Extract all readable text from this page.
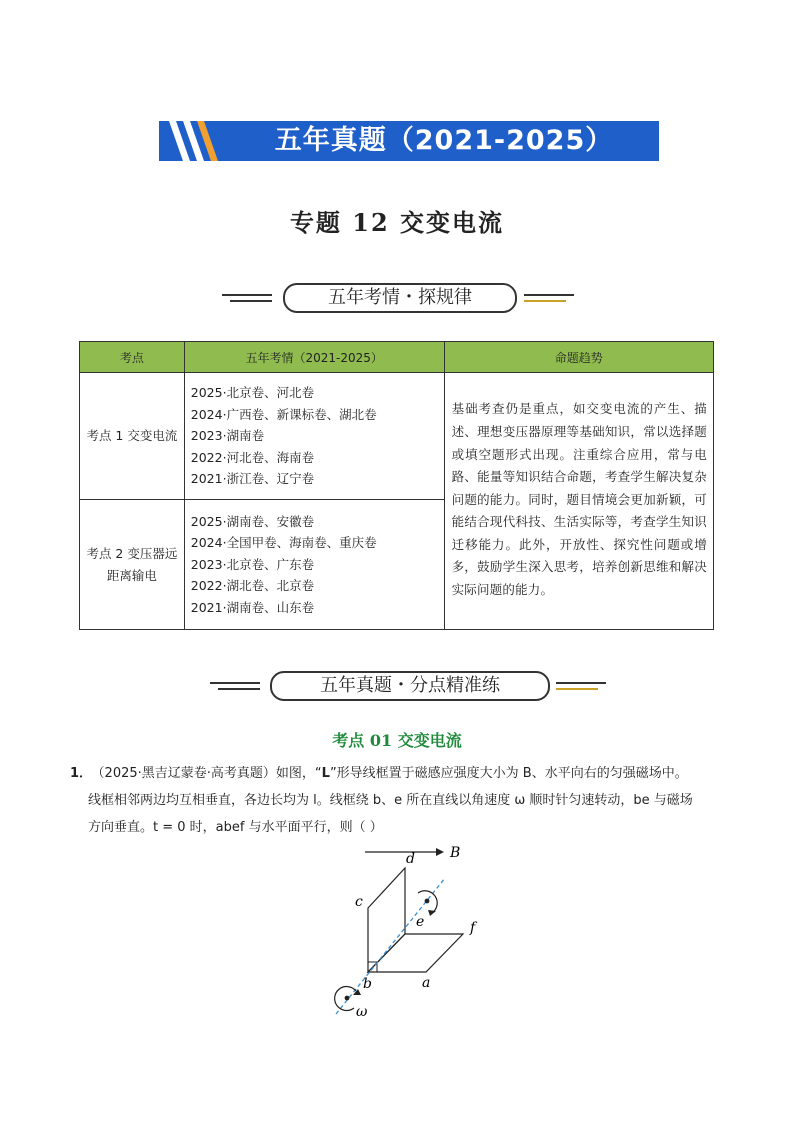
五年真题（2021-2025）
专题 12 交变电流
五年考情・探规律
考点	五年考情（2021-2025）	命题趋势
考点 1 交变电流	2025·北京卷、河北卷
2024·广西卷、新课标卷、湖北卷
2023·湖南卷
2022·河北卷、海南卷
2021·浙江卷、辽宁卷	基础考查仍是重点，如交变电流的产生、描述、理想变压器原理等基础知识，常以选择题或填空题形式出现。注重综合应用，常与电路、能量等知识结合命题，考查学生解决复杂问题的能力。同时，题目情境会更加新颖，可能结合现代科技、生活实际等，考查学生知识迁移能力。此外，开放性、探究性问题或增多，鼓励学生深入思考，培养创新思维和解决实际问题的能力。
考点 2 变压器远距离输电	2025·湖南卷、安徽卷
2024·全国甲卷、海南卷、重庆卷
2023·北京卷、广东卷
2022·湖北卷、北京卷
2021·湖南卷、山东卷	
五年真题・分点精准练
考点 01 交变电流
1． （2025·黑吉辽蒙卷·高考真题）如图，“L”形导线框置于磁感应强度大小为 B、水平向右的匀强磁场中。
线框相邻两边均互相垂直，各边长均为 l。线框绕 b、e 所在直线以角速度 ω 顺时针匀速转动，be 与磁场
方向垂直。t = 0 时，abef 与水平面平行，则（ ）
B
d
c
e	f
b	a
ω
